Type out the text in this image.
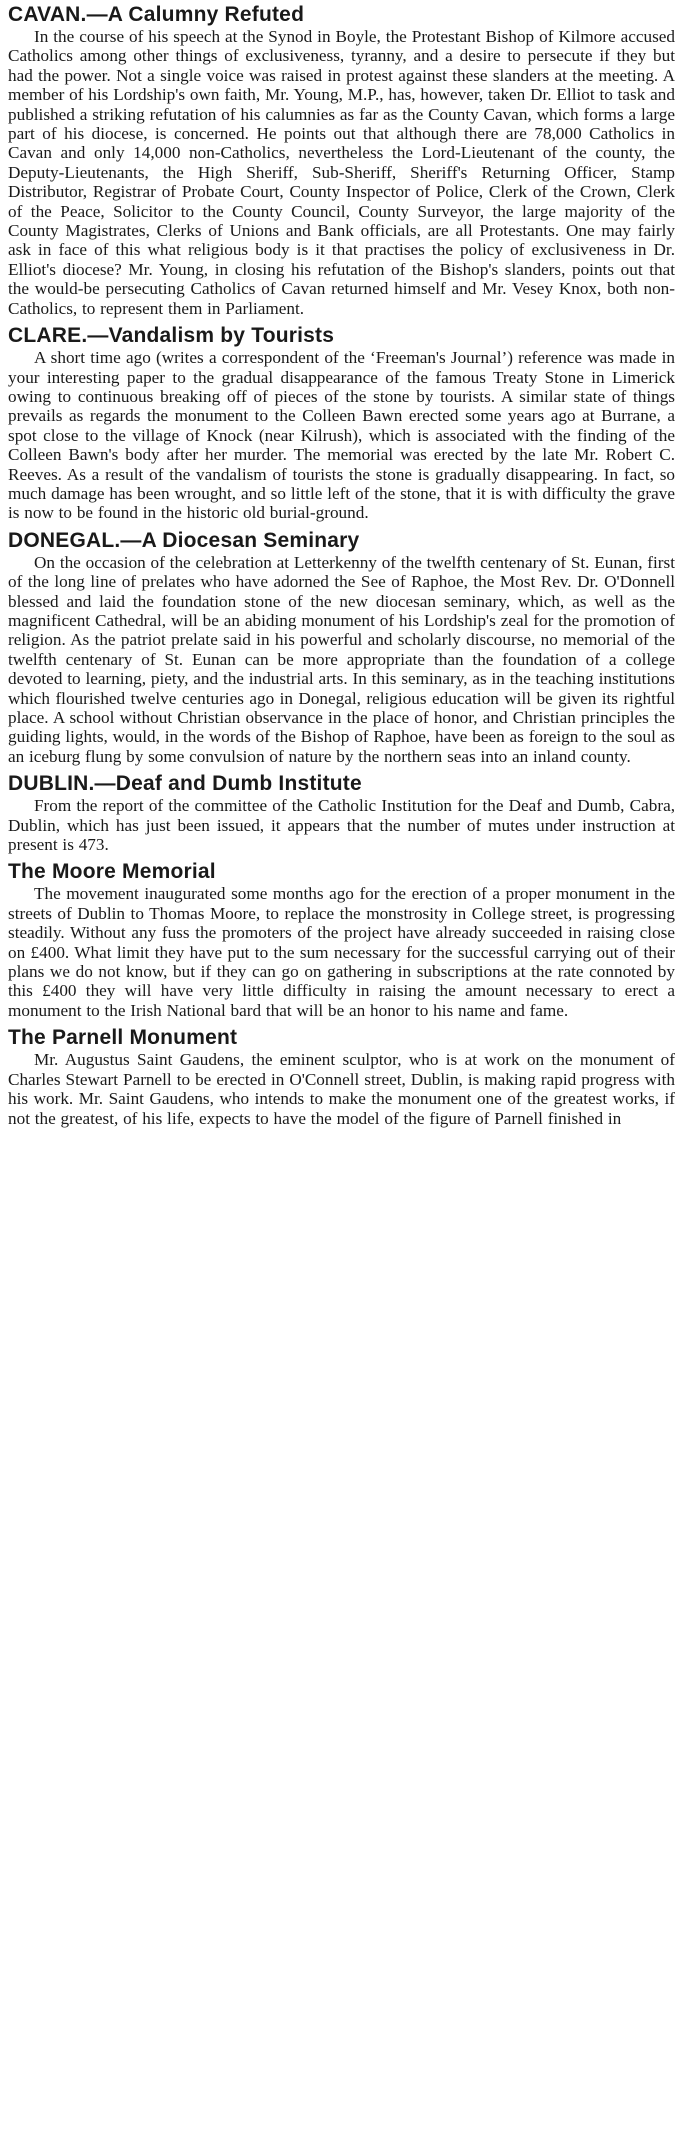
CAVAN.—A Calumny Refuted

In the course of his speech at the Synod in Boyle, the Protestant Bishop of Kilmore accused Catholics among other things of exclusiveness, tyranny, and a desire to persecute if they but had the power. Not a single voice was raised in protest against these slanders at the meeting. A member of his Lordship's own faith, Mr. Young, M.P., has, however, taken Dr. Elliot to task and published a striking refutation of his calumnies as far as the County Cavan, which forms a large part of his diocese, is concerned. He points out that although there are 78,000 Catholics in Cavan and only 14,000 non-Catholics, nevertheless the Lord-Lieutenant of the county, the Deputy-Lieutenants, the High Sheriff, Sub-Sheriff, Sheriff's Returning Officer, Stamp Distributor, Registrar of Probate Court, County Inspector of Police, Clerk of the Crown, Clerk of the Peace, Solicitor to the County Council, County Surveyor, the large majority of the County Magistrates, Clerks of Unions and Bank officials, are all Protestants. One may fairly ask in face of this what religious body is it that practises the policy of exclusiveness in Dr. Elliot's diocese? Mr. Young, in closing his refutation of the Bishop's slanders, points out that the would-be persecuting Catholics of Cavan returned himself and Mr. Vesey Knox, both non-Catholics, to represent them in Parliament.

CLARE.—Vandalism by Tourists

A short time ago (writes a correspondent of the ‘Freeman's Journal’) reference was made in your interesting paper to the gradual disappearance of the famous Treaty Stone in Limerick owing to continuous breaking off of pieces of the stone by tourists. A similar state of things prevails as regards the monument to the Colleen Bawn erected some years ago at Burrane, a spot close to the village of Knock (near Kilrush), which is associated with the finding of the Colleen Bawn's body after her murder. The memorial was erected by the late Mr. Robert C. Reeves. As a result of the vandalism of tourists the stone is gradually disappearing. In fact, so much damage has been wrought, and so little left of the stone, that it is with difficulty the grave is now to be found in the historic old burial-ground.

DONEGAL.—A Diocesan Seminary

On the occasion of the celebration at Letterkenny of the twelfth centenary of St. Eunan, first of the long line of prelates who have adorned the See of Raphoe, the Most Rev. Dr. O'Donnell blessed and laid the foundation stone of the new diocesan seminary, which, as well as the magnificent Cathedral, will be an abiding monument of his Lordship's zeal for the promotion of religion. As the patriot prelate said in his powerful and scholarly discourse, no memorial of the twelfth centenary of St. Eunan can be more appropriate than the foundation of a college devoted to learning, piety, and the industrial arts. In this seminary, as in the teaching institutions which flourished twelve centuries ago in Donegal, religious education will be given its rightful place. A school without Christian observance in the place of honor, and Christian principles the guiding lights, would, in the words of the Bishop of Raphoe, have been as foreign to the soul as an iceburg flung by some convulsion of nature by the northern seas into an inland county.

DUBLIN.—Deaf and Dumb Institute

From the report of the committee of the Catholic Institution for the Deaf and Dumb, Cabra, Dublin, which has just been issued, it appears that the number of mutes under instruction at present is 473.

The Moore Memorial

The movement inaugurated some months ago for the erection of a proper monument in the streets of Dublin to Thomas Moore, to replace the monstrosity in College street, is progressing steadily. Without any fuss the promoters of the project have already succeeded in raising close on £400. What limit they have put to the sum necessary for the successful carrying out of their plans we do not know, but if they can go on gathering in subscriptions at the rate connoted by this £400 they will have very little difficulty in raising the amount necessary to erect a monument to the Irish National bard that will be an honor to his name and fame.

The Parnell Monument

Mr. Augustus Saint Gaudens, the eminent sculptor, who is at work on the monument of Charles Stewart Parnell to be erected in O'Connell street, Dublin, is making rapid progress with his work. Mr. Saint Gaudens, who intends to make the monument one of the greatest works, if not the greatest, of his life, expects to have the model of the figure of Parnell finished in
